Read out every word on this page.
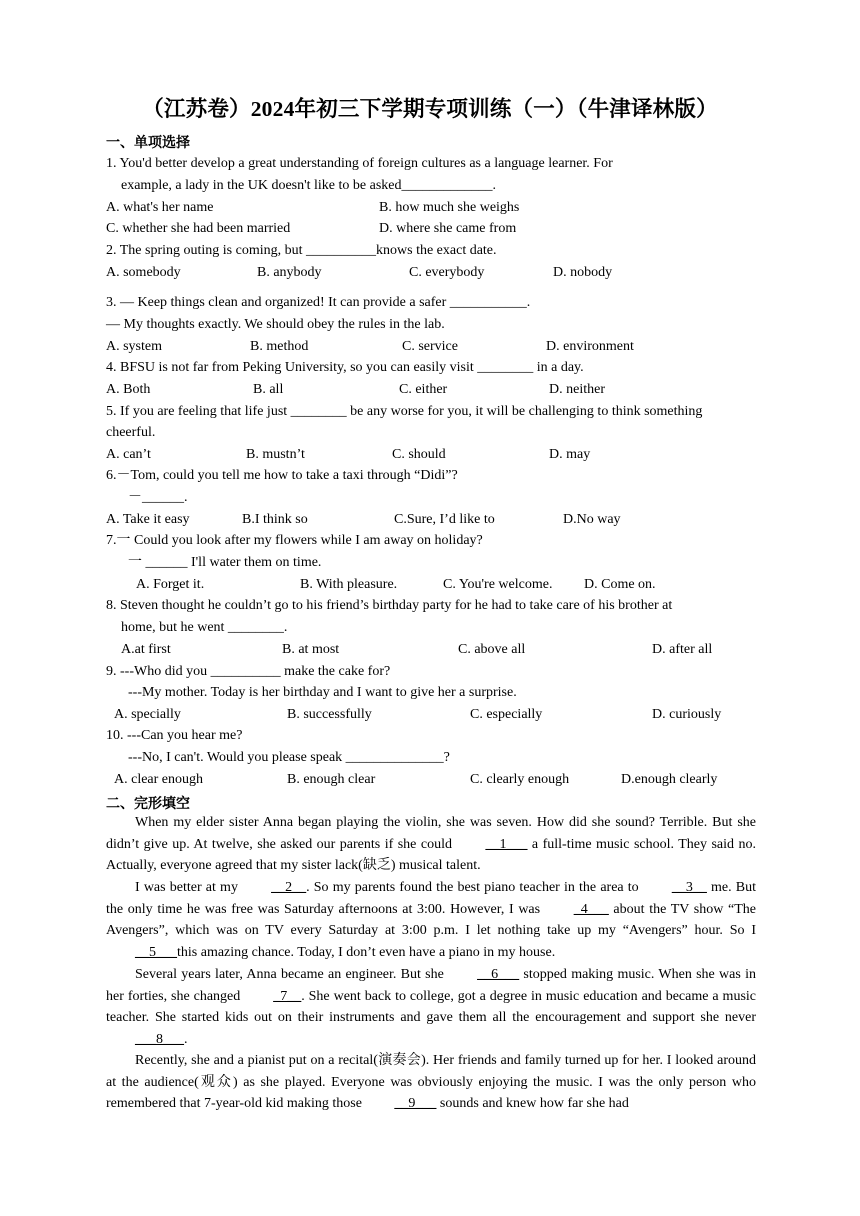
（江苏卷）2024年初三下学期专项训练（一）（牛津译林版）
一、单项选择
1. You'd better develop a great understanding of foreign cultures as a language learner. For
example, a lady in the UK doesn't like to be asked_____________.
A. what's her name	B. how much she weighs
C. whether she had been married	D. where she came from
2. The spring outing is coming, but __________knows the exact date.
A. somebody	B. anybody	C. everybody	D. nobody
3. — Keep things clean and organized! It can provide a safer ___________.
— My thoughts exactly. We should obey the rules in the lab.
A. system	B. method	C. service	D. environment
4. BFSU is not far from Peking University, so you can easily visit ________ in a day.
A. Both	B. all	C. either	D. neither
5. If you are feeling that life just ________ be any worse for you, it will be challenging to think something
cheerful.
A. can’t	B. mustn’t	C. should	D. may
6.－Tom, could you tell me how to take a taxi through “Didi”?
－______.
A. Take it easy	B.I think so	C.Sure, I’d like to	D.No way
7.一 Could you look after my flowers while I am away on holiday?
一 ______ I'll water them on time.
A. Forget it.	B. With pleasure.	C. You're welcome. D. Come on.
8. Steven thought he couldn’t go to his friend’s birthday party for he had to take care of his brother at
home, but he went ________.
A.at first	B. at most	C. above all	D. after all
9. ---Who did you __________ make the cake for?
---My mother. Today is her birthday and I want to give her a surprise.
A. specially	B. successfully	C. especially	D. curiously
10. ---Can you hear me?
---No, I can't. Would you please speak ______________?
A. clear enough	B. enough clear	C. clearly enough	D.enough clearly
二、完形填空
When my elder sister Anna began playing the violin, she was seven. How did she sound? Terrible. But she didn’t give up. At twelve, she asked our parents if she could __1___ a full-time music school. They said no. Actually, everyone agreed that my sister lack(缺乏) musical talent.
I was better at my __2__. So my parents found the best piano teacher in the area to __3__ me. But the only time he was free was Saturday afternoons at 3:00. However, I was _4___ about the TV show “The Avengers”, which was on TV every Saturday at 3:00 p.m. I let nothing take up my “Avengers” hour. So I __5___this amazing chance. Today, I don’t even have a piano in my house.
Several years later, Anna became an engineer. But she __6___ stopped making music. When she was in her forties, she changed _7__. She went back to college, got a degree in music education and became a music teacher. She started kids out on their instruments and gave them all the encouragement and support she never___8___.
Recently, she and a pianist put on a recital(演奏会). Her friends and family turned up for her. I looked around at the audience(观众) as she played. Everyone was obviously enjoying the music. I was the only person who remembered that 7-year-old kid making those __9___ sounds and knew how far she had
